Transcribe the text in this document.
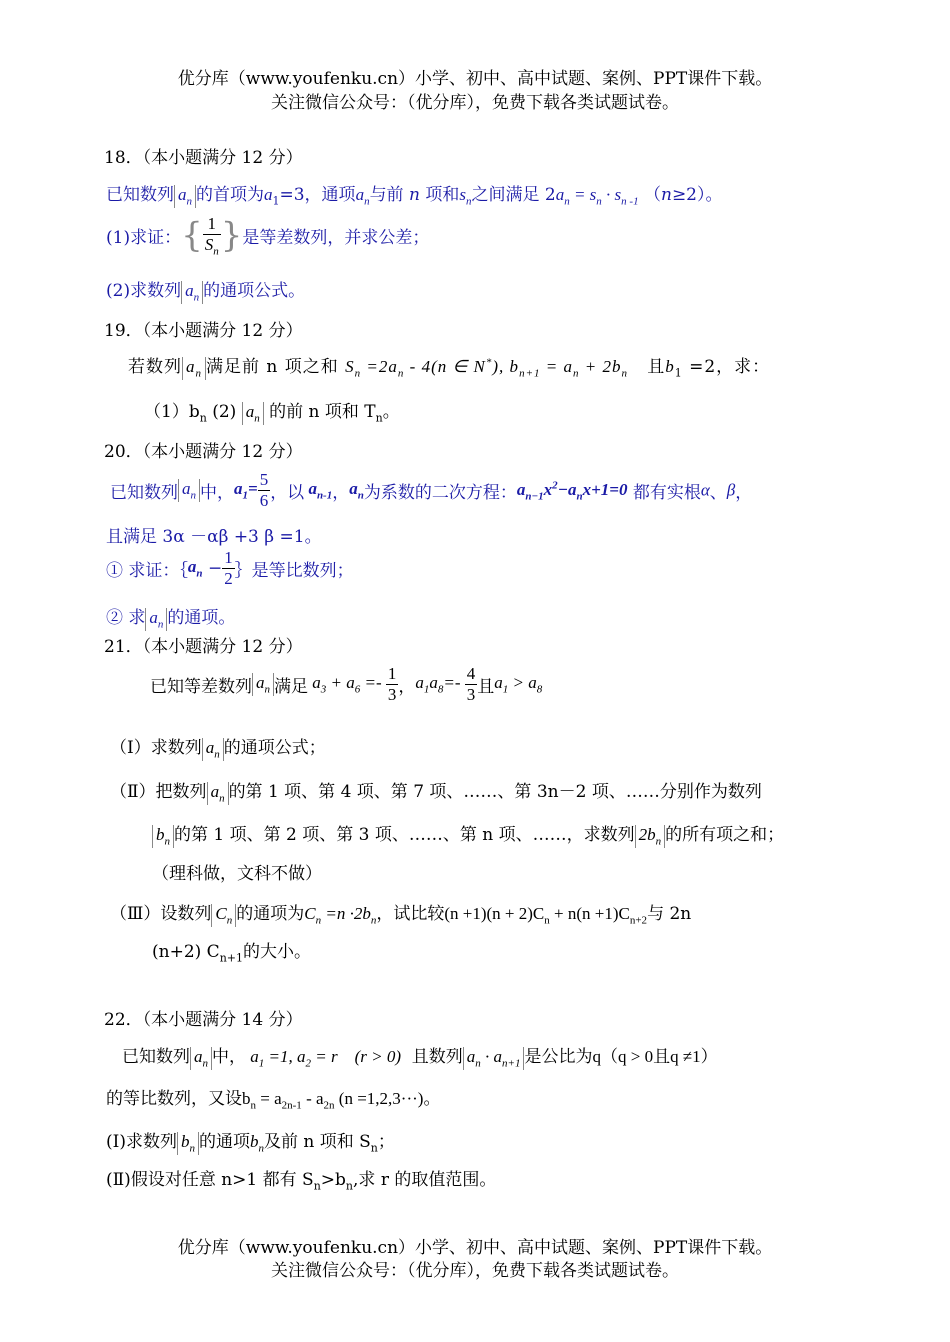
优分库（www.youfenku.cn）小学、初中、高中试题、案例、PPT课件下载。
关注微信公众号：（优分库），免费下载各类试题试卷。
18．（本小题满分 12 分）
已知数列 $a_n$ 的首项为$a_1=3$，通项$a_n$与前 n 项和$s_n$之间满足 $2a_n = s_n \cdot s_{n -1}$ （n≥2）。
(1)求证：{ $\frac{1}{S_n}$ }是等差数列，并求公差；
(2)求数列 $a_n$ 的通项公式。
19．（本小题满分 12 分）
若数列 $a_n$ 满足前 n 项之和 $S_n =2a_n - 4(n$ ∈ N*), $b_{n+1} = a_n + 2b_n$ 且$b_1 =2$，求：
$(1)b_n$ (2) $a_n$ 的前 n 项和 $T_n$。
20．（本小题满分 12 分）
已知数列 $a_n$ 中，$a_1= \frac{5}{6}$ ，以 $a_{n-1}$，$a_n$为系数的二次方程：$a_{n-1}x^2-a_nx+1=0$ 都有实根α、β，
且满足 3α －αβ +3 β =1。
① 求证：$\{a_n - \frac{1}{2}$ ｝是等比数列；
② 求 $a_n$ 的通项。
21．（本小题满分 12 分）
已知等差数列 $a_n$ 满足 $a_3 + a_6 =- \frac{1}{3}$ ，$a_1a_8=- \frac{4}{3}$ 且$a_1 > a_8$
（Ⅰ）求数列 $a_n$ 的通项公式；
（Ⅱ）把数列 $a_n$ 的第 1 项、第 4 项、第 7 项、……、第 3n－2 项、……分别作为数列
$b_n$ 的第 1 项、第 2 项、第 3 项、……、第 n 项、……，求数列 $2b_n$ 的所有项之和；
（理科做，文科不做）
（Ⅲ）设数列 $C_n$ 的通项为$C_n =n \cdot 2b_n$，试比较$(n +1)(n + 2)C_n + n(n +1)C_{n+2}$与 2n
(n+2) $C_{n+1}$的大小。
22．（本小题满分 14 分）
已知数列 $a_n$ 中， $a_1 =1$, $a_2 = r$    (r > 0) 且数列 $a_n \cdot a_{n+1}$ 是公比为q（q > 0且q ≠1）
的等比数列，又设$b_n = a_{2n-1} - a_{2n}$ (n =1,2,3···)。
(I)求数列 $b_n$ 的通项$b_n$及前 n 项和 $S_n$；
(Ⅱ)假设对任意 n>1 都有 $S_n>b_n$,求 r 的取值范围。
优分库（www.youfenku.cn）小学、初中、高中试题、案例、PPT课件下载。
关注微信公众号：（优分库），免费下载各类试题试卷。
